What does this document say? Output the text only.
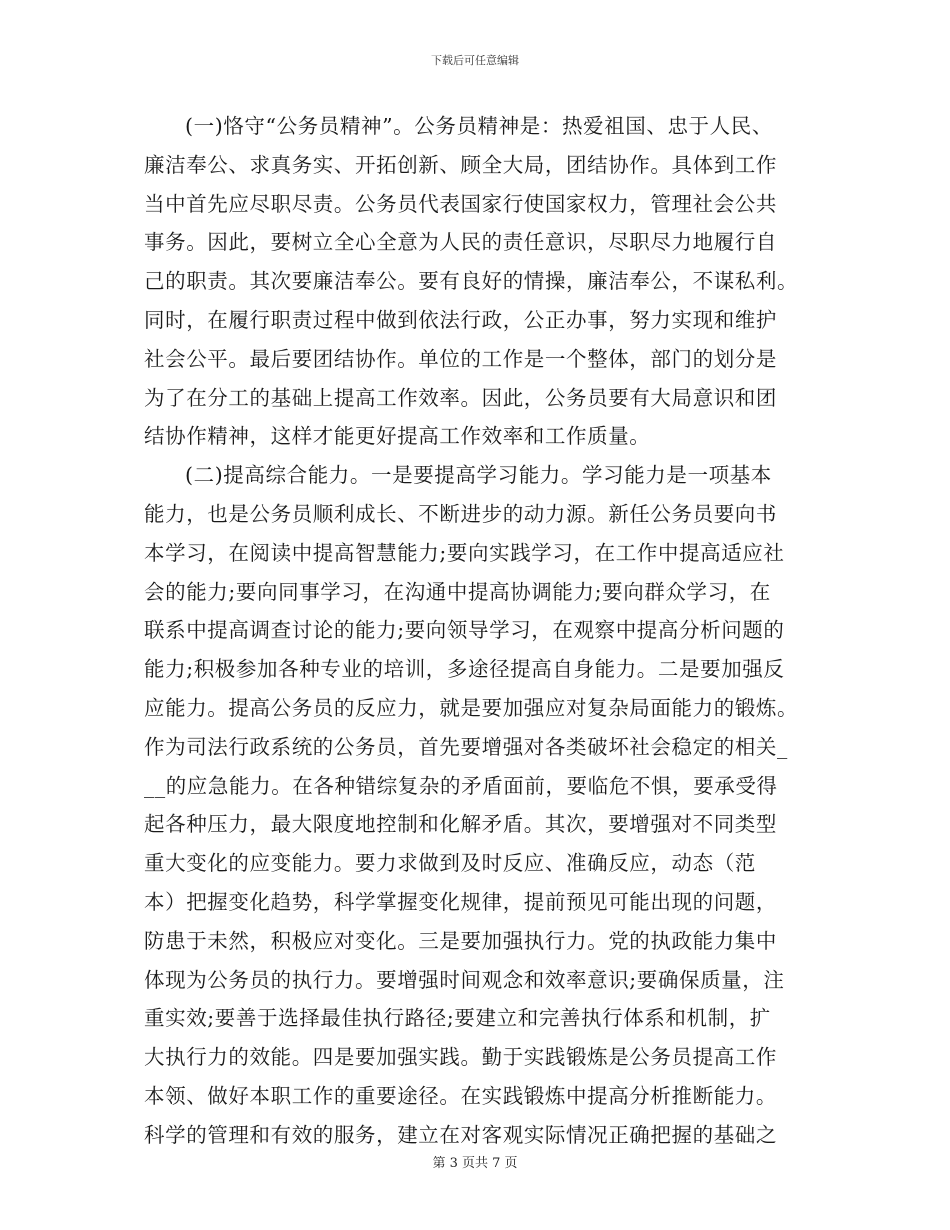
下载后可任意编辑
(一)恪守“公务员精神”。公务员精神是：热爱祖国、忠于人民、
廉洁奉公、求真务实、开拓创新、顾全大局，团结协作。具体到工作
当中首先应尽职尽责。公务员代表国家行使国家权力，管理社会公共
事务。因此，要树立全心全意为人民的责任意识，尽职尽力地履行自
己的职责。其次要廉洁奉公。要有良好的情操，廉洁奉公，不谋私利。
同时，在履行职责过程中做到依法行政，公正办事，努力实现和维护
社会公平。最后要团结协作。单位的工作是一个整体，部门的划分是
为了在分工的基础上提高工作效率。因此，公务员要有大局意识和团
结协作精神，这样才能更好提高工作效率和工作质量。
(二)提高综合能力。一是要提高学习能力。学习能力是一项基本
能力，也是公务员顺利成长、不断进步的动力源。新任公务员要向书
本学习，在阅读中提高智慧能力;要向实践学习，在工作中提高适应社
会的能力;要向同事学习，在沟通中提高协调能力;要向群众学习，在
联系中提高调查讨论的能力;要向领导学习，在观察中提高分析问题的
能力;积极参加各种专业的培训，多途径提高自身能力。二是要加强反
应能力。提高公务员的反应力，就是要加强应对复杂局面能力的锻炼。
作为司法行政系统的公务员，首先要增强对各类破坏社会稳定的相关_
__的应急能力。在各种错综复杂的矛盾面前，要临危不惧，要承受得
起各种压力，最大限度地控制和化解矛盾。其次，要增强对不同类型
重大变化的应变能力。要力求做到及时反应、准确反应，动态（范
本）把握变化趋势，科学掌握变化规律，提前预见可能出现的问题，
防患于未然，积极应对变化。三是要加强执行力。党的执政能力集中
体现为公务员的执行力。要增强时间观念和效率意识;要确保质量，注
重实效;要善于选择最佳执行路径;要建立和完善执行体系和机制，扩
大执行力的效能。四是要加强实践。勤于实践锻炼是公务员提高工作
本领、做好本职工作的重要途径。在实践锻炼中提高分析推断能力。
科学的管理和有效的服务，建立在对客观实际情况正确把握的基础之
第 3 页共 7 页
